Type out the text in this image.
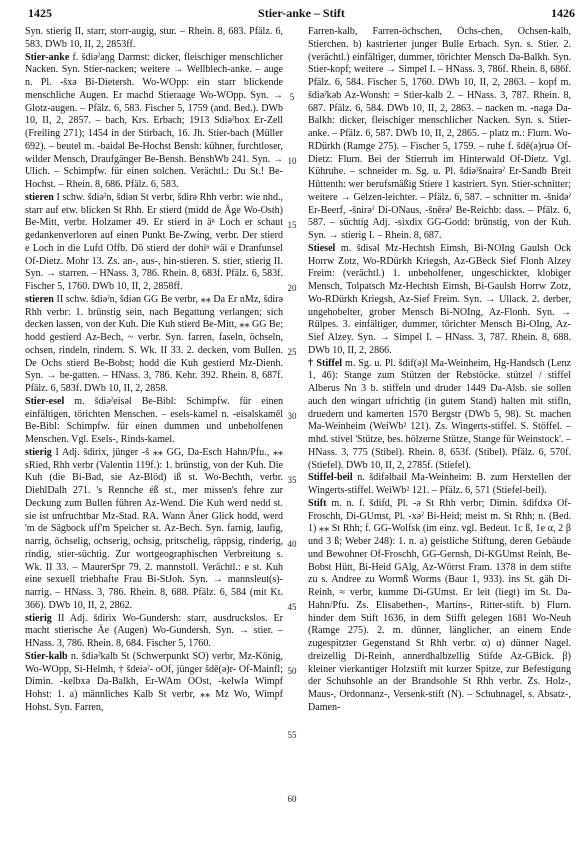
1425	Stier-anke – Stift	1426

Syn. stierig II, starr, storr-augig, stur. – Rhein. 8, 683. Pfälz. 6, 583. DWb 10, II, 2, 2853ff.

Stier-anke f. šdiəˀaŋg Darmst: dicker, fleischiger menschlicher Nacken. Syn. Stier-nacken; weitere → Wellblech-anke. – auge n. Pl. -šxə Bi-Dietersh. Wo-WOpp: ein starr blickende menschliche Augen. Er machd Stieraage Wo-WOpp. Syn. → Glotz-augen. – Pfälz. 6, 583. Fischer 5, 1759 (and. Bed.). DWb 10, II, 2, 2857. – bach, Krs. Erbach; 1913 Sdiəˀbox Er-Zell (Freiling 271); 1454 in der Stirbach, 16. Jh. Stier-bach (Müller 692). – beutel m. -baidəl Be-Hochst Bensh: kühner, furchtloser, wilder Mensch, Draufgänger Be-Bensh. BenshWb 241. Syn. → Ulich. – Schimpfw. für einen solchen. Verächtl.: Du St.! Be-Hochst. – Rhein. 8, 686. Pfälz. 6, 583.

stieren I schw. šdiəˀn, šdiən St verbr, šdirə Rhh verbr: wie nhd., starr auf etw. blicken St Rhh. Er stierd (midd de Äge Wo-Osth) Be-Mitt, verbr. Holzamer 49. Er stierd in äⁿ Loch er schaut gedankenverloren auf einen Punkt Be-Zwing, verbr. Der stierd e Loch in die Lufd Offb. Dö stierd der dohiⁿ wäi e Dranfunsel Of-Dietz. Mohr 13. Zs. an-, aus-, hin-stieren. S. stier, stierig II. Syn. → starren. – HNass. 3, 786. Rhein. 8, 683f. Pfälz. 6, 583f. Fischer 5, 1760. DWb 10, II, 2, 2858ff.

stieren II schw. šdiəˀn, šdiən GG Be verbr, ⁎⁎ Da Er nMz, šdirə Rhh verbr: 1. brünstig sein, nach Begattung verlangen; sich decken lassen, von der Kuh. Die Kuh stierd Be-Mitt, ⁎⁎ GG Be; hodd gestierd Az-Bech, ~ verbr. Syn. farren, faseln, öchseln, ochsen, rindeln, rindern. S. Wk. II 33. 2. decken, vom Bullen. De Ochs stierd Be-Bobst; hodd die Kuh gestierd Mz-Dienh. Syn. → be-gatten. – HNass. 3, 786. Kehr. 392. Rhein. 8, 687f. Pfälz. 6, 583f. DWb 10, II, 2, 2858.

Stier-esel m. šdiəˀeisəl Be-Bibl: Schimpfw. für einen einfältigen, törichten Menschen. – esels-kamel n. -eisəlskamēl Be-Bibl: Schimpfw. für einen dummen und unbeholfenen Menschen. Vgl. Esels-, Rinds-kamel.

stierig I Adj. šdirix, jünger -š ⁎⁎ GG, Da-Esch Hahn/Pfu., ⁎⁎ sRied, Rhh verbr (Valentin 119f.): 1. brünstig, von der Kuh. Die Kuh (die Bi-Bad, sie Az-Blöd) iß st. Wo-Bechth, verbr. DiehlDalh 271. 's Rennche éß st., mer missen's fehre zur Deckung zum Bullen führen Az-Wend. Die Kuh werd nedd st. sie ist unfruchtbar Mz-Stad. RA. Wann Äner Glick hodd, werd 'm de Sägbock uff'm Speicher st. Az-Bech. Syn. farnig, laufig, narrig, öchselig, ochserig, ochsig, pritschelig, räppsig, rinderig, rindig, stier-süchtig. Zur wortgeographischen Verbreitung s. Wk. II 33. – MaurerSpr 79. 2. mannstoll. Verächtl.: e st. Kuh eine sexuell triebhafte Frau Bi-StJoh. Syn. → mannsleut(s)-narrig. – HNass. 3, 786. Rhein. 8, 688. Pfälz. 6, 584 (mit Kt. 366). DWb 10, II, 2, 2862.

stierig II Adj. šdirix Wo-Gundersh: starr, ausdruckslos. Er macht stierische Äe (Augen) Wo-Gundersh. Syn. → stier. – HNass. 3, 786. Rhein. 8, 684. Fischer 5, 1760.

Stier-kalb n. šdiəˀkalb St (Schwerpunkt SO) verbr, Mz-König, Wo-WOpp, Si-Helmh, † šdeiəˀ- oOf, jünger šdē(ə)r- Of-Mainfl; Dimin. -kelbxə Da-Balkh, Er-WAm OOst, -kelwlə Wimpf Hohst: 1. a) männliches Kalb St verbr, ⁎⁎ Mz Wo, Wimpf Hohst. Syn. Farren,

Farren-kalb, Farren-öchschen, Öchs-chen, Ochsen-kalb, Stierchen. b) kastrierter junger Bulle Erbach. Syn. s. Stier. 2. (verächtl.) einfältiger, dummer, törichter Mensch Da-Balkh. Syn. Stier-kopf; weitere → Simpel I. – HNass. 3, 786f. Rhein. 8, 686f. Pfälz. 6, 584. Fischer 5, 1760. DWb 10, II, 2, 2863. – kopf m. šdiəˀkəb Az-Wonsh: = Stier-kalb 2. – HNass. 3, 787. Rhein. 8, 687. Pfälz. 6, 584. DWb 10, II, 2, 2863. – nacken m. -nagə Da-Balkh: dicker, fleischiger menschlicher Nacken. Syn. s. Stier-anke. – Pfälz. 6, 587. DWb 10, II, 2, 2865. – platz m.: Flurn. Wo-RDürkh (Ramge 275). – Fischer 5, 1759. – ruhe f. šdē(ə)ruə Of-Dietz: Flurn. Bei der Stierruh im Hinterwald Of-Dietz. Vgl. Kühruhe. – schneider m. Sg. u. Pl. šdiəˀšnairəˀ Er-Sandb Breit Hüttenth: wer berufsmäßig Stiere 1 kastriert. Syn. Stier-schnitter; weitere → Gelzen-leichter. – Pfälz. 6, 587. – schnitter m. -šnidəˀ Er-Beerf, -šnirəˀ Di-ONaus, -šnērəˀ Be-Reichb: dass. – Pfälz. 6, 587. – süchtig Adj. -sixdix GG-Godd: brünstig, von der Kuh. Syn. → stierig I. – Rhein. 8, 687.

Stiesel m. šdisəl Mz-Hechtsh Eimsh, Bi-NOIng Gaulsh Ock Horrw Zotz, Wo-RDürkh Kriegsh, Az-GBeck Sief Flonh Alzey Freim: (verächtl.) 1. unbeholfener, ungeschickter, klobiger Mensch, Tolpatsch Mz-Hechtsh Eimsh, Bi-Gaulsh Horrw Zotz, Wo-RDürkh Kriegsh, Az-Sief Freim. Syn. → Ullack. 2. derber, ungehobelter, grober Mensch Bi-NOIng, Az-Flonh. Syn. → Rülpes. 3. einfältiger, dummer, törichter Mensch Bi-OIng, Az-Sief Alzey. Syn. → Simpel I. – HNass. 3, 787. Rhein. 8, 688. DWb 10, II, 2, 2866.

† Stiffel m. Sg. u. Pl. šdif(ə)l Ma-Weinheim, Hg-Handsch (Lenz 1, 46): Stange zum Stützen der Rebstöcke. stützel / stiffel Alberus Nn 3 b. stiffeln und druder 1449 Da-Alsb. sie sollen auch den wingart ufrichtig (in gutem Stand) halten mit stifln, druedern und kamerten 1570 Bergstr (DWb 5, 98). St. machen Ma-Weinheim (WeiWb² 121). Zs. Wingerts-stiffel. S. Stöffel. – mhd. stivel 'Stütze, bes. hölzerne Stütze, Stange für Weinstock'. – HNass. 3, 775 (Stibel). Rhein. 8, 653f. (Stibel). Pfälz. 6, 570f. (Stiefel). DWb 10, II, 2, 2785f. (Stiefel).

Stiffel-beil n. šdifəlbail Ma-Weinheim: B. zum Herstellen der Wingerts-stiffel. WeiWb² 121. – Pfälz. 6, 571 (Stiefel-beil).

Stift m. n. f. šdifd, Pl. -ə St Rhh verbr; Dimin. šdifdxə Of-Froschh, Di-GUmst, Pl. -xəˀ Bi-Heid; meist m. St Rhh; n. (Bed. 1) ⁎⁎ St Rhh; f. GG-Wolfsk (im einz. vgl. Bedeut. 1c ß, 1e α, 2 β und 3 ß; Weber 248): 1. n. a) geistliche Stiftung, deren Gebäude und Bewohner Of-Froschh, GG-Gernsh, Di-KGUmst Reinh, Be-Bobst Hütt, Bi-Heid GAlg, Az-Wörrst Fram. 1378 in dem stifte zu s. Andree zu Wormß Worms (Baur 1, 933). ins St. gäh Di-Reinh, ≈ verbr, kumme Di-GUmst. Er leit (liegt) im St. Da-Hahn/Pfu. Zs. Elisabethen-, Martins-, Ritter-stift. b) Flurn. hinder dem Stift 1636, in dem Stifft gelegen 1681 Wo-Neuh (Ramge 275). 2. m. dünner, länglicher, an einem Ende zugespitzter Gegenstand St Rhh verbr. α) α) dünner Nagel. dreizellig Di-Reinh, annerdhalbzellig Stifde Az-GBick. β) kleiner vierkantiger Holzstift mit kurzer Spitze, zur Befestigung der Schuhsohle an der Brandsohle St Rhh verbr. Zs. Holz-, Maus-, Ordonnanz-, Versenk-stift (N). – Schuhnagel, s. Absatz-, Damen-

5
10
15
20
25
30
35
40
45
50
55
60
